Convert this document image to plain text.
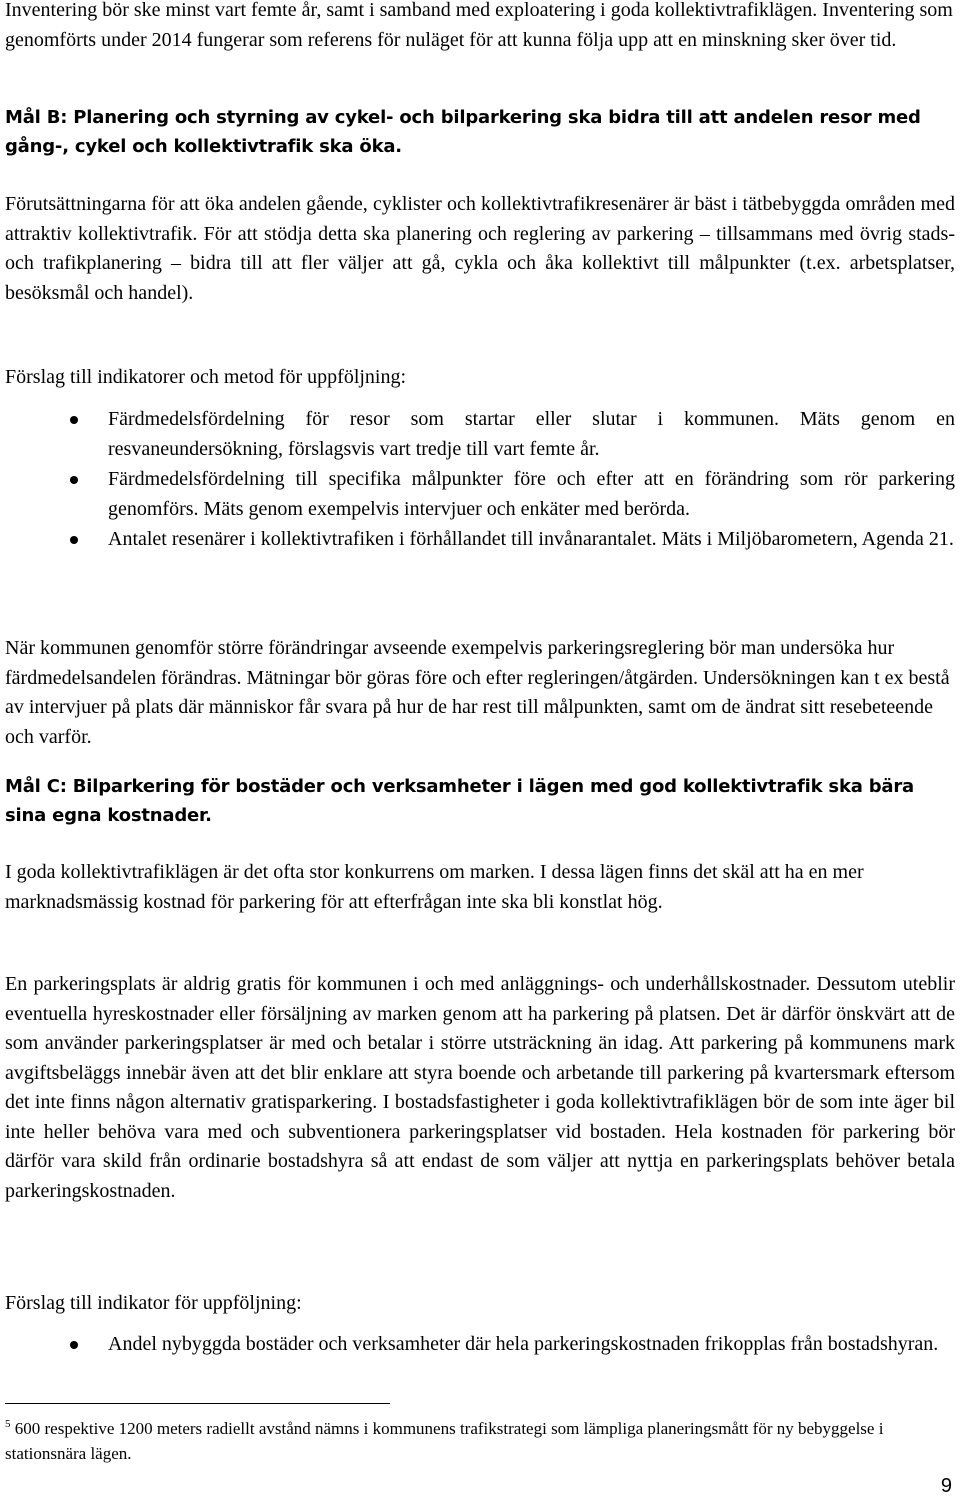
Inventering bör ske minst vart femte år, samt i samband med exploatering i goda kollektivtrafiklägen. Inventering som genomförts under 2014 fungerar som referens för nuläget för att kunna följa upp att en minskning sker över tid.

Mål B: Planering och styrning av cykel- och bilparkering ska bidra till att andelen resor med gång-, cykel och kollektivtrafik ska öka.

Förutsättningarna för att öka andelen gående, cyklister och kollektivtrafikresenärer är bäst i tätbebyggda områden med attraktiv kollektivtrafik. För att stödja detta ska planering och reglering av parkering – tillsammans med övrig stads- och trafikplanering – bidra till att fler väljer att gå, cykla och åka kollektivt till målpunkter (t.ex. arbetsplatser, besöksmål och handel).

Förslag till indikatorer och metod för uppföljning:

Färdmedelsfördelning för resor som startar eller slutar i kommunen. Mäts genom en resvaneundersökning, förslagsvis vart tredje till vart femte år.
Färdmedelsfördelning till specifika målpunkter före och efter att en förändring som rör parkering genomförs. Mäts genom exempelvis intervjuer och enkäter med berörda.
Antalet resenärer i kollektivtrafiken i förhållandet till invånarantalet. Mäts i Miljöbarometern, Agenda 21.

När kommunen genomför större förändringar avseende exempelvis parkeringsreglering bör man undersöka hur färdmedelsandelen förändras. Mätningar bör göras före och efter regleringen/åtgärden. Undersökningen kan t ex bestå av intervjuer på plats där människor får svara på hur de har rest till målpunkten, samt om de ändrat sitt resebeteende och varför.

Mål C: Bilparkering för bostäder och verksamheter i lägen med god kollektivtrafik ska bära sina egna kostnader.

I goda kollektivtrafiklägen är det ofta stor konkurrens om marken. I dessa lägen finns det skäl att ha en mer marknadsmässig kostnad för parkering för att efterfrågan inte ska bli konstlat hög.

En parkeringsplats är aldrig gratis för kommunen i och med anläggnings- och underhållskostnader. Dessutom uteblir eventuella hyreskostnader eller försäljning av marken genom att ha parkering på platsen. Det är därför önskvärt att de som använder parkeringsplatser är med och betalar i större utsträckning än idag. Att parkering på kommunens mark avgiftsbeläggs innebär även att det blir enklare att styra boende och arbetande till parkering på kvartersmark eftersom det inte finns någon alternativ gratisparkering. I bostadsfastigheter i goda kollektivtrafiklägen bör de som inte äger bil inte heller behöva vara med och subventionera parkeringsplatser vid bostaden. Hela kostnaden för parkering bör därför vara skild från ordinarie bostadshyra så att endast de som väljer att nyttja en parkeringsplats behöver betala parkeringskostnaden.

Förslag till indikator för uppföljning:

Andel nybyggda bostäder och verksamheter där hela parkeringskostnaden frikopplas från bostadshyran.

$^5$ 600 respektive 1200 meters radiellt avstånd nämns i kommunens trafikstrategi som lämpliga planeringsmått för ny bebyggelse i stationsnära lägen.

9
